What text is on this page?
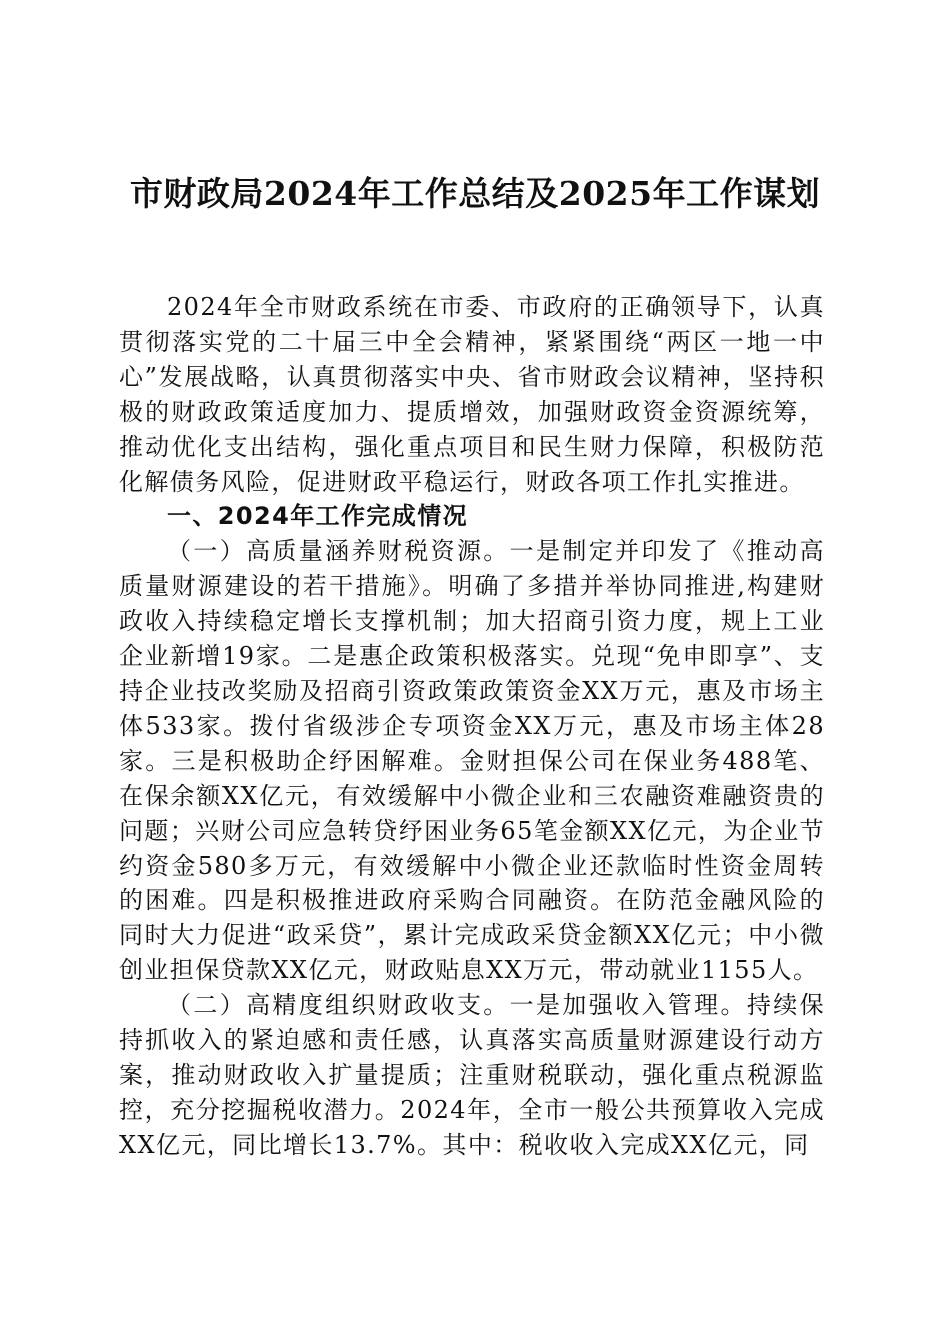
市财政局2024年工作总结及2025年工作谋划

2024年全市财政系统在市委、市政府的正确领导下，认真贯彻落实党的二十届三中全会精神，紧紧围绕“两区一地一中心”发展战略，认真贯彻落实中央、省市财政会议精神，坚持积极的财政政策适度加力、提质增效，加强财政资金资源统筹，推动优化支出结构，强化重点项目和民生财力保障，积极防范化解债务风险，促进财政平稳运行，财政各项工作扎实推进。

一、2024年工作完成情况

（一）高质量涵养财税资源。一是制定并印发了《推动高质量财源建设的若干措施》。明确了多措并举协同推进,构建财政收入持续稳定增长支撑机制；加大招商引资力度，规上工业企业新增19家。二是惠企政策积极落实。兑现“免申即享”、支持企业技改奖励及招商引资政策政策资金XX万元，惠及市场主体533家。拨付省级涉企专项资金XX万元，惠及市场主体28家。三是积极助企纾困解难。金财担保公司在保业务488笔、在保余额XX亿元，有效缓解中小微企业和三农融资难融资贵的问题；兴财公司应急转贷纾困业务65笔金额XX亿元，为企业节约资金580多万元，有效缓解中小微企业还款临时性资金周转的困难。四是积极推进政府采购合同融资。在防范金融风险的同时大力促进“政采贷”，累计完成政采贷金额XX亿元；中小微创业担保贷款XX亿元，财政贴息XX万元，带动就业1155人。

（二）高精度组织财政收支。一是加强收入管理。持续保持抓收入的紧迫感和责任感，认真落实高质量财源建设行动方案，推动财政收入扩量提质；注重财税联动，强化重点税源监控，充分挖掘税收潜力。2024年，全市一般公共预算收入完成XX亿元，同比增长13.7%。其中：税收收入完成XX亿元，同
